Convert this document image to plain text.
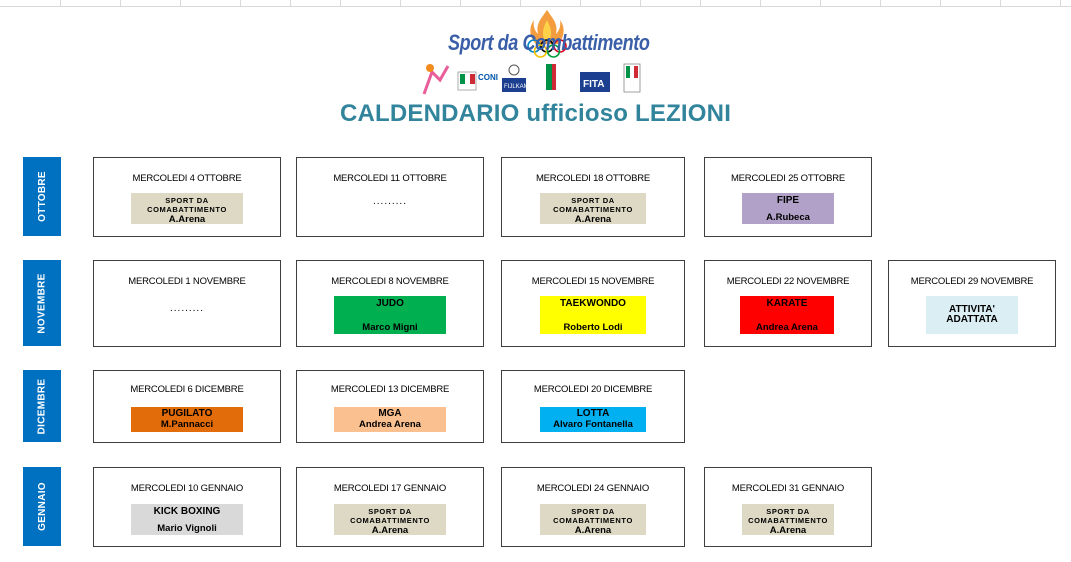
Sport da Combattimento
CONI
FIJLKAM	FITA
CALDENDARIO ufficioso LEZIONI
OTTOBRE	MERCOLEDI 4 OTTOBRE
SPORT DA COMABATTIMENTO
A.Arena
MERCOLEDI 11 OTTOBRE
.........
MERCOLEDI 18 OTTOBRE
SPORT DA COMABATTIMENTO
A.Arena
MERCOLEDI 25 OTTOBRE
FIPE
A.Rubeca
NOVEMBRE	MERCOLEDI 1 NOVEMBRE
.........
MERCOLEDI 8 NOVEMBRE
JUDO
Marco Migni
MERCOLEDI 15 NOVEMBRE
TAEKWONDO
Roberto Lodi
MERCOLEDI 22 NOVEMBRE
KARATE
Andrea Arena
MERCOLEDI 29 NOVEMBRE
ATTIVITA'
ADATTATA
DICEMBRE	MERCOLEDI 6 DICEMBRE
PUGILATO
M.Pannacci
MERCOLEDI 13 DICEMBRE
MGA
Andrea Arena
MERCOLEDI 20 DICEMBRE
LOTTA
Alvaro Fontanella
GENNAIO	MERCOLEDI 10 GENNAIO
KICK BOXING
Mario Vignoli
MERCOLEDI 17 GENNAIO
SPORT DA COMABATTIMENTO
A.Arena
MERCOLEDI 24 GENNAIO
SPORT DA COMABATTIMENTO
A.Arena
MERCOLEDI 31 GENNAIO
SPORT DA COMABATTIMENTO
A.Arena
